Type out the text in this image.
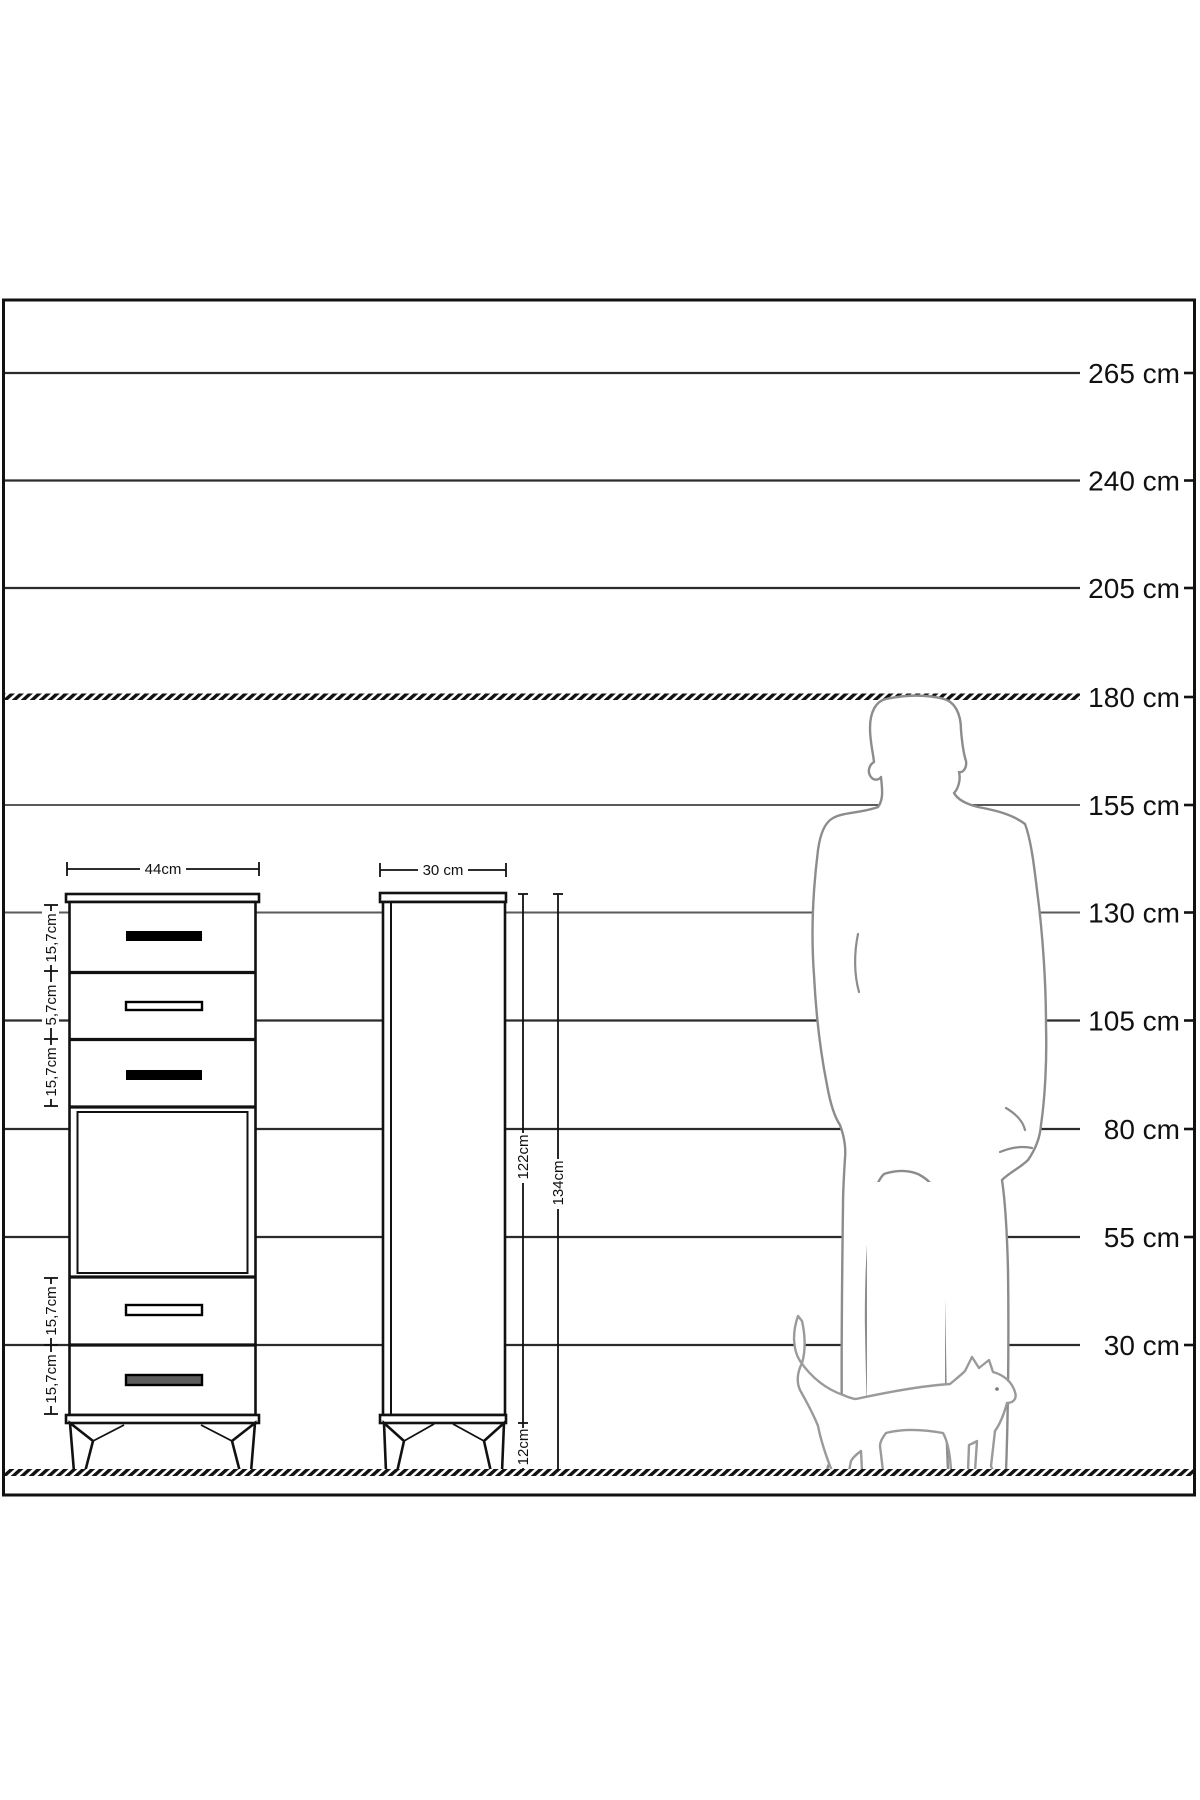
265 cm
240 cm
205 cm
180 cm
155 cm
130 cm
105 cm
80 cm
55 cm
30 cm
44cm
15,7cm
5,7cm
15,7cm
15,7cm
15,7cm
30 cm
122cm
12cm
134cm
